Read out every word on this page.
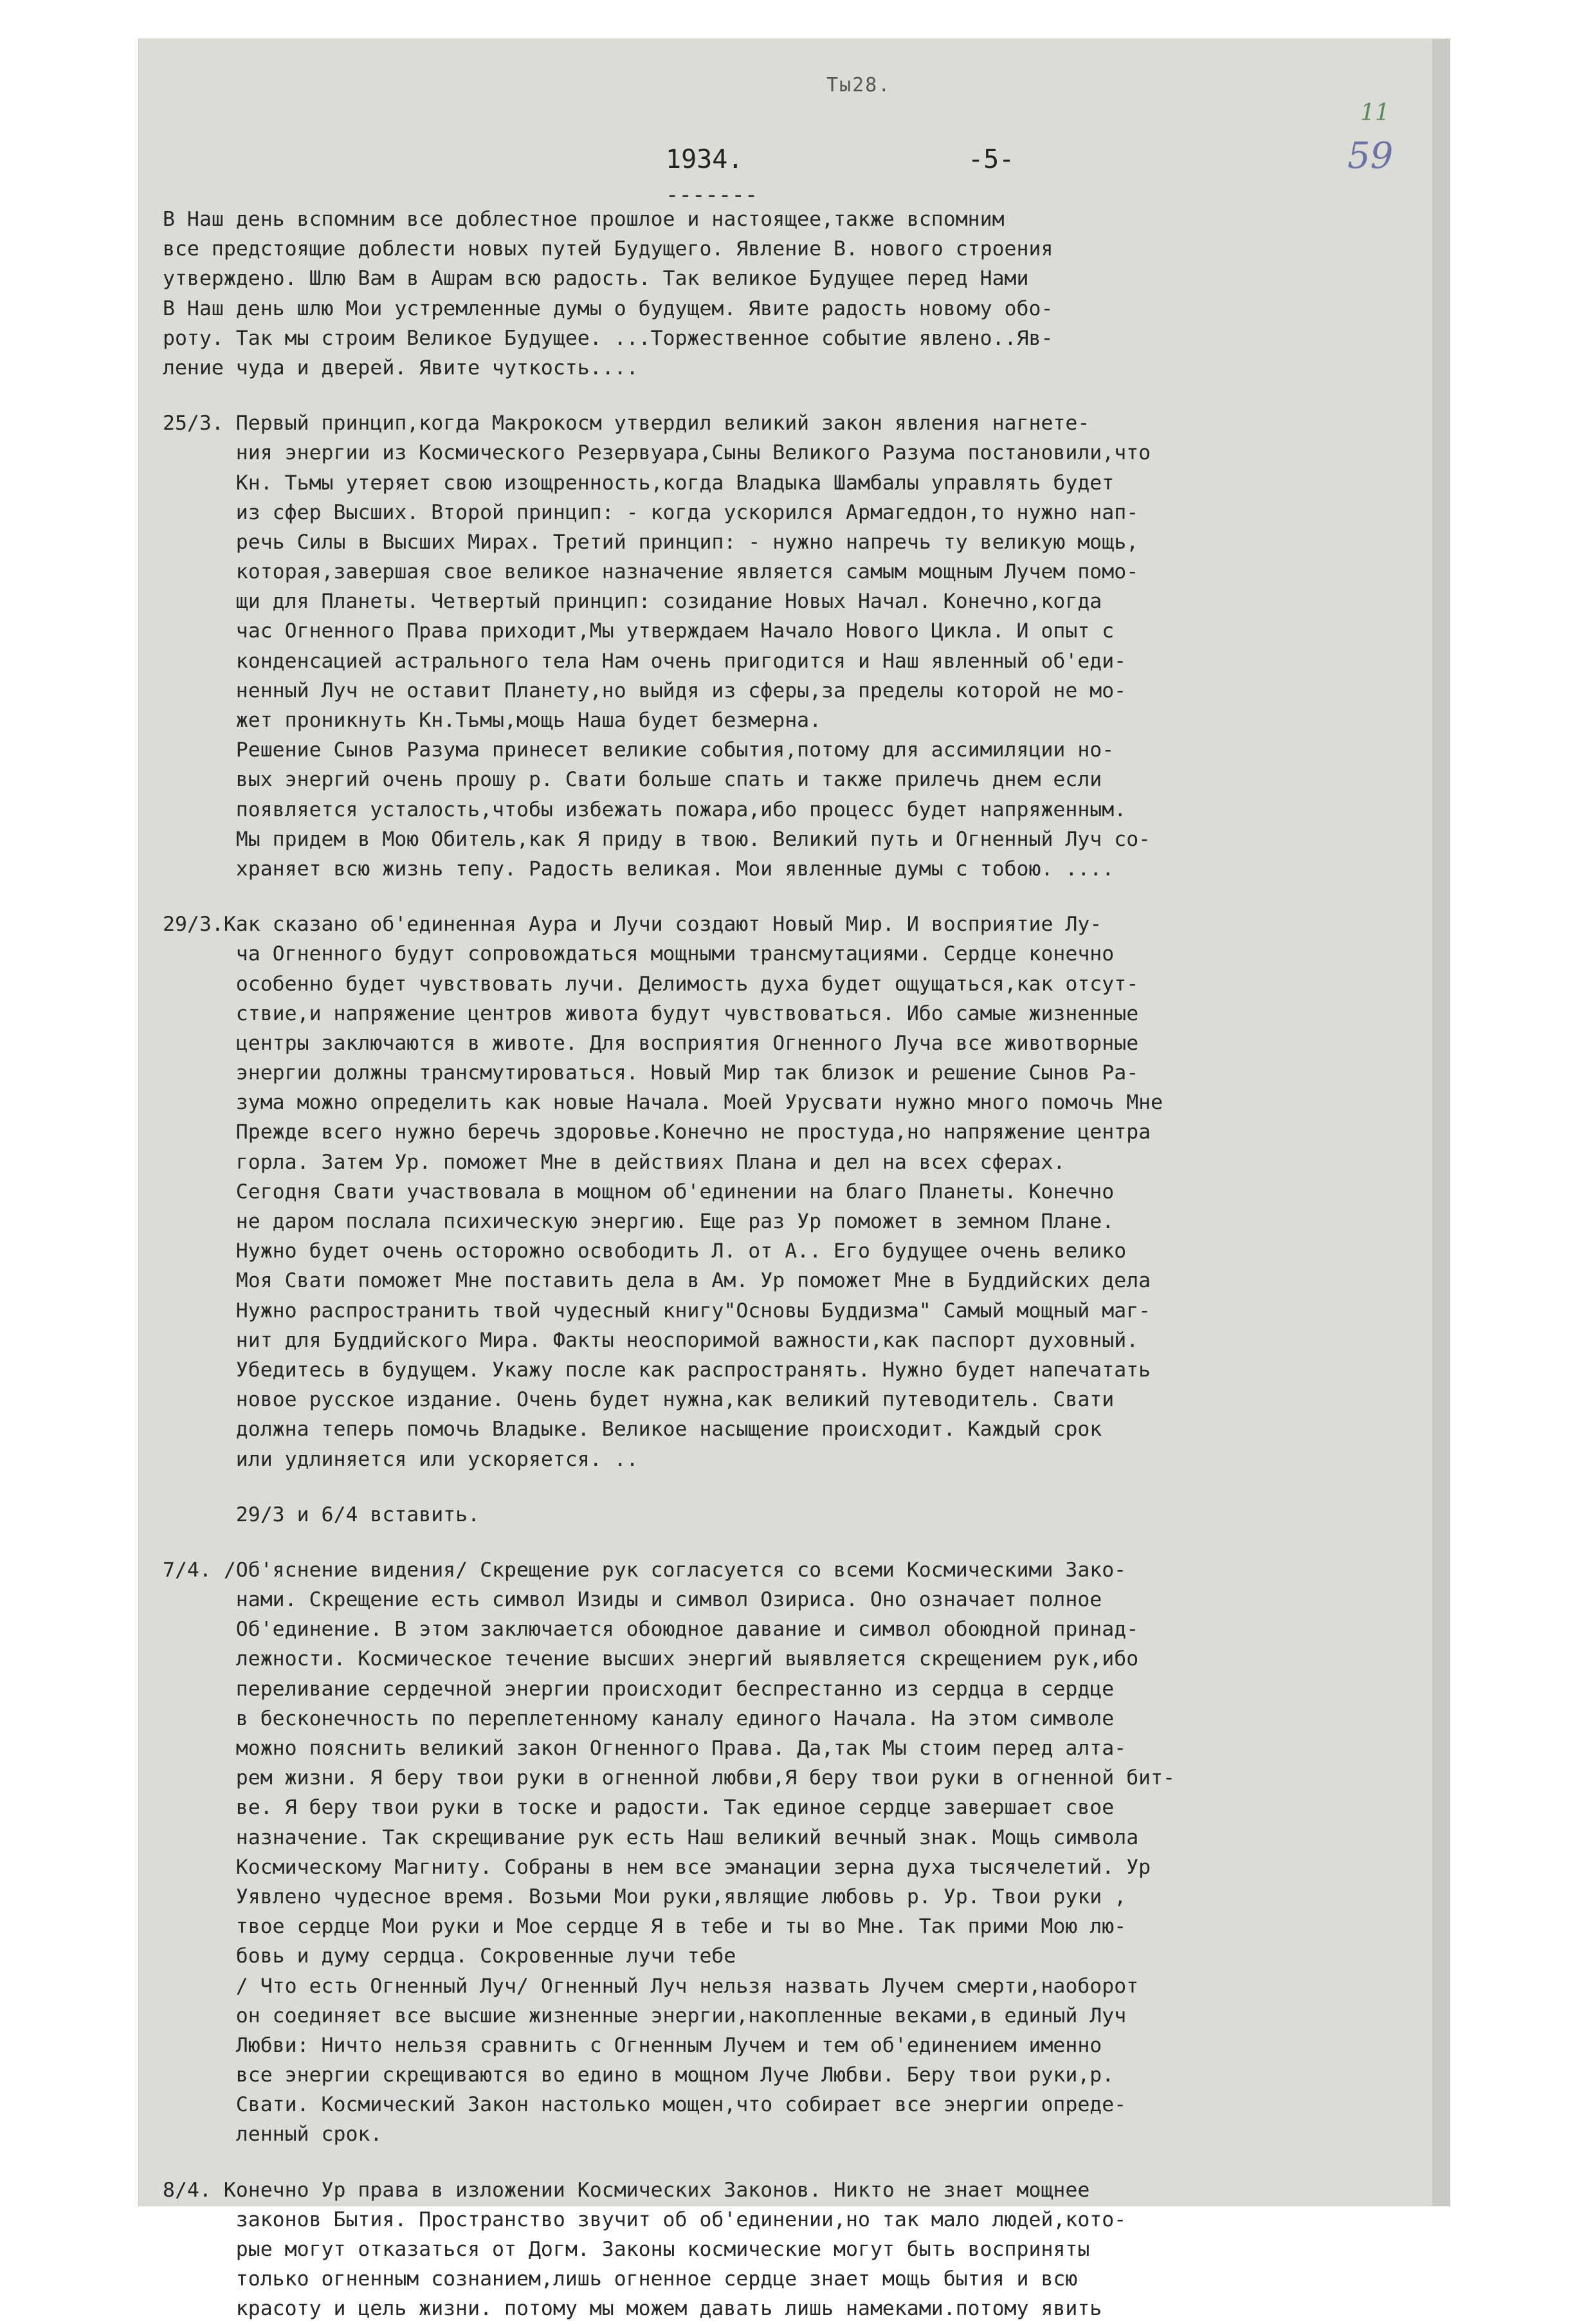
Ты28.
1934.
-------
-5-
11
59
В Наш день вспомним все доблестное прошлое и настоящее,также вспомним
все предстоящие доблести новых путей Будущего. Явление В. нового строения
утверждено. Шлю Вам в Ашрам всю радость. Так великое Будущее перед Нами
В Наш день шлю Мои устремленные думы о будущем. Явите радость новому обо-
роту. Так мы строим Великое Будущее. ...Торжественное событие явлено..Яв-
ление чуда и дверей. Явите чуткость....
25/3. Первый принцип,когда Макрокосм утвердил великий закон явления нагнете-
ния энергии из Космического Резервуара,Сыны Великого Разума постановили,что
Кн. Тьмы утеряет свою изощренность,когда Владыка Шамбалы управлять будет
из сфер Высших. Второй принцип: - когда ускорился Армагеддон,то нужно нап-
речь Силы в Высших Мирах. Третий принцип: - нужно напречь ту великую мощь,
которая,завершая свое великое назначение является самым мощным Лучем помо-
щи для Планеты. Четвертый принцип: созидание Новых Начал. Конечно,когда
час Огненного Права приходит,Мы утверждаем Начало Нового Цикла. И опыт с
конденсацией астрального тела Нам очень пригодится и Наш явленный об'еди-
ненный Луч не оставит Планету,но выйдя из сферы,за пределы которой не мо-
жет проникнуть Кн.Тьмы,мощь Наша будет безмерна.
Решение Сынов Разума принесет великие события,потому для ассимиляции но-
вых энергий очень прошу р. Свати больше спать и также прилечь днем если
появляется усталость,чтобы избежать пожара,ибо процесс будет напряженным.
Мы придем в Мою Обитель,как Я приду в твою. Великий путь и Огненный Луч со-
храняет всю жизнь тепу. Радость великая. Мои явленные думы с тобою. ....
29/3.Как сказано об'единенная Аура и Лучи создают Новый Мир. И восприятие Лу-
ча Огненного будут сопровождаться мощными трансмутациями. Сердце конечно
особенно будет чувствовать лучи. Делимость духа будет ощущаться,как отсут-
ствие,и напряжение центров живота будут чувствоваться. Ибо самые жизненные
центры заключаются в животе. Для восприятия Огненного Луча все животворные
энергии должны трансмутироваться. Новый Мир так близок и решение Сынов Ра-
зума можно определить как новые Начала. Моей Урусвати нужно много помочь Мне
Прежде всего нужно беречь здоровье.Конечно не простуда,но напряжение центра
горла. Затем Ур. поможет Мне в действиях Плана и дел на всех сферах.
Сегодня Свати участвовала в мощном об'единении на благо Планеты. Конечно
не даром послала психическую энергию. Еще раз Ур поможет в земном Плане.
Нужно будет очень осторожно освободить Л. от А.. Его будущее очень велико
Моя Свати поможет Мне поставить дела в Ам. Ур поможет Мне в Буддийских дела
Нужно распространить твой чудесный книгу"Основы Буддизма" Самый мощный маг-
нит для Буддийского Мира. Факты неоспоримой важности,как паспорт духовный.
Убедитесь в будущем. Укажу после как распространять. Нужно будет напечатать
новое русское издание. Очень будет нужна,как великий путеводитель. Свати
должна теперь помочь Владыке. Великое насыщение происходит. Каждый срок
или удлиняется или ускоряется. ..
29/3 и 6/4 вставить.
7/4. /Об'яснение видения/ Скрещение рук согласуется со всеми Космическими Зако-
нами. Скрещение есть символ Изиды и символ Озириса. Оно означает полное
Об'единение. В этом заключается обоюдное давание и символ обоюдной принад-
лежности. Космическое течение высших энергий выявляется скрещением рук,ибо
переливание сердечной энергии происходит беспрестанно из сердца в сердце
в бесконечность по переплетенному каналу единого Начала. На этом символе
можно пояснить великий закон Огненного Права. Да,так Мы стоим перед алта-
рем жизни. Я беру твои руки в огненной любви,Я беру твои руки в огненной бит-
ве. Я беру твои руки в тоске и радости. Так единое сердце завершает свое
назначение. Так скрещивание рук есть Наш великий вечный знак. Мощь символа
Космическому Магниту. Собраны в нем все эманации зерна духа тысячелетий. Ур
Уявлено чудесное время. Возьми Мои руки,являщие любовь р. Ур. Твои руки ,
твое сердце Мои руки и Мое сердце Я в тебе и ты во Мне. Так прими Мою лю-
бовь и думу сердца. Сокровенные лучи тебе
/ Что есть Огненный Луч/ Огненный Луч нельзя назвать Лучем смерти,наоборот
он соединяет все высшие жизненные энергии,накопленные веками,в единый Луч
Любви: Ничто нельзя сравнить с Огненным Лучем и тем об'единением именно
все энергии скрещиваются во едино в мощном Луче Любви. Беру твои руки,р.
Свати. Космический Закон настолько мощен,что собирает все энергии опреде-
ленный срок.
8/4. Конечно Ур права в изложении Космических Законов. Никто не знает мощнее
законов Бытия. Пространство звучит об об'единении,но так мало людей,кото-
рые могут отказаться от Догм. Законы космические могут быть восприняты
только огненным сознанием,лишь огненное сердце знает мощь бытия и всю
красоту и цель жизни. потому мы можем давать лишь намеками.потому явить
